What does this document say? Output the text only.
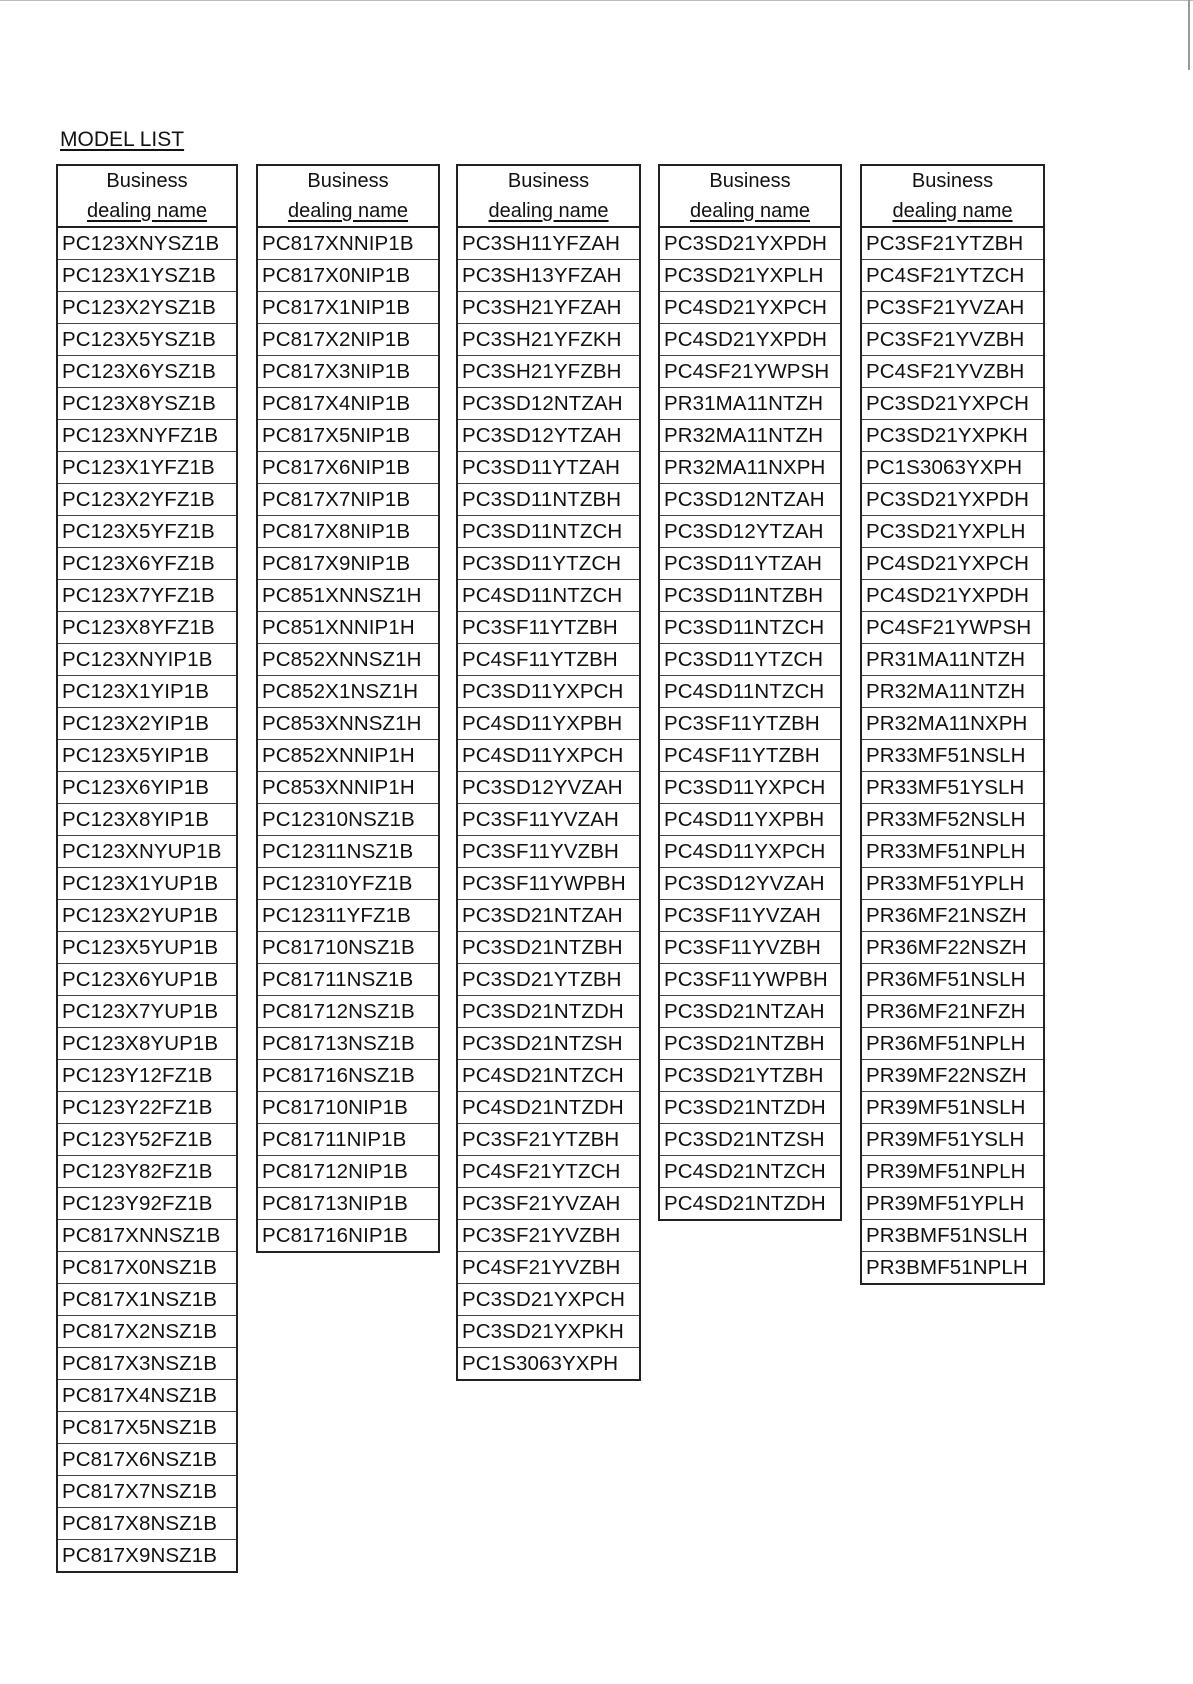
MODEL LIST
Business
dealing name

PC123XNYSZ1B
PC123X1YSZ1B
PC123X2YSZ1B
PC123X5YSZ1B
PC123X6YSZ1B
PC123X8YSZ1B
PC123XNYFZ1B
PC123X1YFZ1B
PC123X2YFZ1B
PC123X5YFZ1B
PC123X6YFZ1B
PC123X7YFZ1B
PC123X8YFZ1B
PC123XNYIP1B
PC123X1YIP1B
PC123X2YIP1B
PC123X5YIP1B
PC123X6YIP1B
PC123X8YIP1B
PC123XNYUP1B
PC123X1YUP1B
PC123X2YUP1B
PC123X5YUP1B
PC123X6YUP1B
PC123X7YUP1B
PC123X8YUP1B
PC123Y12FZ1B
PC123Y22FZ1B
PC123Y52FZ1B
PC123Y82FZ1B
PC123Y92FZ1B
PC817XNNSZ1B
PC817X0NSZ1B
PC817X1NSZ1B
PC817X2NSZ1B
PC817X3NSZ1B
PC817X4NSZ1B
PC817X5NSZ1B
PC817X6NSZ1B
PC817X7NSZ1B
PC817X8NSZ1B
PC817X9NSZ1B
Business
dealing name

PC817XNNIP1B
PC817X0NIP1B
PC817X1NIP1B
PC817X2NIP1B
PC817X3NIP1B
PC817X4NIP1B
PC817X5NIP1B
PC817X6NIP1B
PC817X7NIP1B
PC817X8NIP1B
PC817X9NIP1B
PC851XNNSZ1H
PC851XNNIP1H
PC852XNNSZ1H
PC852X1NSZ1H
PC853XNNSZ1H
PC852XNNIP1H
PC853XNNIP1H
PC12310NSZ1B
PC12311NSZ1B
PC12310YFZ1B
PC12311YFZ1B
PC81710NSZ1B
PC81711NSZ1B
PC81712NSZ1B
PC81713NSZ1B
PC81716NSZ1B
PC81710NIP1B
PC81711NIP1B
PC81712NIP1B
PC81713NIP1B
PC81716NIP1B
Business
dealing name

PC3SH11YFZAH
PC3SH13YFZAH
PC3SH21YFZAH
PC3SH21YFZKH
PC3SH21YFZBH
PC3SD12NTZAH
PC3SD12YTZAH
PC3SD11YTZAH
PC3SD11NTZBH
PC3SD11NTZCH
PC3SD11YTZCH
PC4SD11NTZCH
PC3SF11YTZBH
PC4SF11YTZBH
PC3SD11YXPCH
PC4SD11YXPBH
PC4SD11YXPCH
PC3SD12YVZAH
PC3SF11YVZAH
PC3SF11YVZBH
PC3SF11YWPBH
PC3SD21NTZAH
PC3SD21NTZBH
PC3SD21YTZBH
PC3SD21NTZDH
PC3SD21NTZSH
PC4SD21NTZCH
PC4SD21NTZDH
PC3SF21YTZBH
PC4SF21YTZCH
PC3SF21YVZAH
PC3SF21YVZBH
PC4SF21YVZBH
PC3SD21YXPCH
PC3SD21YXPKH
PC1S3063YXPH
Business
dealing name

PC3SD21YXPDH
PC3SD21YXPLH
PC4SD21YXPCH
PC4SD21YXPDH
PC4SF21YWPSH
PR31MA11NTZH
PR32MA11NTZH
PR32MA11NXPH
PC3SD12NTZAH
PC3SD12YTZAH
PC3SD11YTZAH
PC3SD11NTZBH
PC3SD11NTZCH
PC3SD11YTZCH
PC4SD11NTZCH
PC3SF11YTZBH
PC4SF11YTZBH
PC3SD11YXPCH
PC4SD11YXPBH
PC4SD11YXPCH
PC3SD12YVZAH
PC3SF11YVZAH
PC3SF11YVZBH
PC3SF11YWPBH
PC3SD21NTZAH
PC3SD21NTZBH
PC3SD21YTZBH
PC3SD21NTZDH
PC3SD21NTZSH
PC4SD21NTZCH
PC4SD21NTZDH
Business
dealing name

PC3SF21YTZBH
PC4SF21YTZCH
PC3SF21YVZAH
PC3SF21YVZBH
PC4SF21YVZBH
PC3SD21YXPCH
PC3SD21YXPKH
PC1S3063YXPH
PC3SD21YXPDH
PC3SD21YXPLH
PC4SD21YXPCH
PC4SD21YXPDH
PC4SF21YWPSH
PR31MA11NTZH
PR32MA11NTZH
PR32MA11NXPH
PR33MF51NSLH
PR33MF51YSLH
PR33MF52NSLH
PR33MF51NPLH
PR33MF51YPLH
PR36MF21NSZH
PR36MF22NSZH
PR36MF51NSLH
PR36MF21NFZH
PR36MF51NPLH
PR39MF22NSZH
PR39MF51NSLH
PR39MF51YSLH
PR39MF51NPLH
PR39MF51YPLH
PR3BMF51NSLH
PR3BMF51NPLH
